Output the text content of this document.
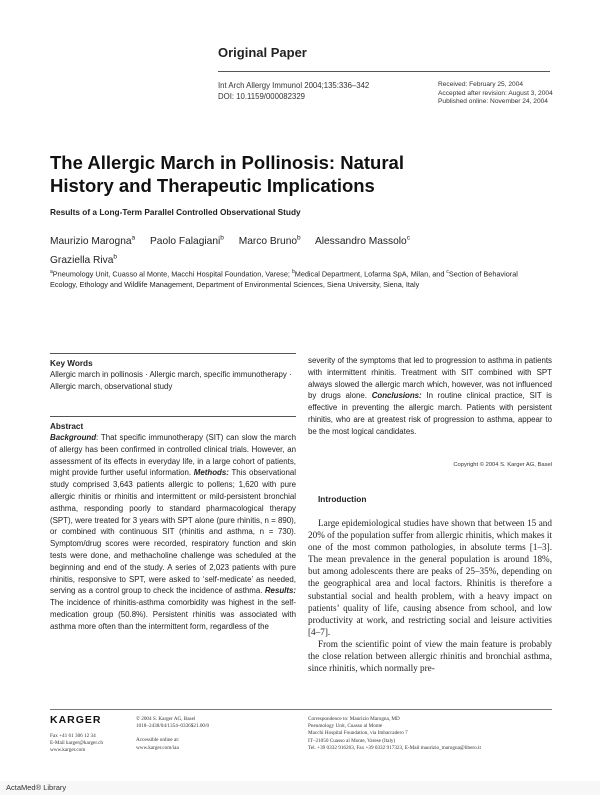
Original Paper
Int Arch Allergy Immunol 2004;135:336–342
DOI: 10.1159/000082329
Received: February 25, 2004
Accepted after revision: August 3, 2004
Published online: November 24, 2004
The Allergic March in Pollinosis: Natural
History and Therapeutic Implications
Results of a Long-Term Parallel Controlled Observational Study
Maurizio Marogna$^a$ Paolo Falagiani$^b$ Marco Bruno$^b$ Alessandro Massolo$^c$
Graziella Riva$^b$
$^a$Pneumology Unit, Cuasso al Monte, Macchi Hospital Foundation, Varese; $^b$Medical Department, Lofarma SpA, Milan, and $^c$Section of Behavioral Ecology, Ethology and Wildlife Management, Department of Environmental Sciences, Siena University, Siena, Italy
Key Words
Allergic march in pollinosis · Allergic march, specific immunotherapy · Allergic march, observational study
Abstract
Background: That specific immunotherapy (SIT) can slow the march of allergy has been confirmed in controlled clinical trials. However, an assessment of its effects in everyday life, in a large cohort of patients, might provide further useful information. Methods: This observational study comprised 3,643 patients allergic to pollens; 1,620 with pure allergic rhinitis or rhinitis and intermittent or mild-persistent bronchial asthma, responding poorly to standard pharmacological therapy (SPT), were treated for 3 years with SPT alone (pure rhinitis, n = 890), or combined with continuous SIT (rhinitis and asthma, n = 730). Symptom/drug scores were recorded, respiratory function and skin tests were done, and methacholine challenge was scheduled at the beginning and end of the study. A series of 2,023 patients with pure rhinitis, responsive to SPT, were asked to ‘self-medicate’ as needed, serving as a control group to check the incidence of asthma. Results: The incidence of rhinitis-asthma comorbidity was highest in the self-medication group (50.8%). Persistent rhinitis was associated with asthma more often than the intermittent form, regardless of the
severity of the symptoms that led to progression to asthma in patients with intermittent rhinitis. Treatment with SIT combined with SPT always slowed the allergic march which, however, was not influenced by drugs alone. Conclusions: In routine clinical practice, SIT is effective in preventing the allergic march. Patients with persistent rhinitis, who are at greatest risk of progression to asthma, appear to be the most logical candidates.
Copyright © 2004 S. Karger AG, Basel
Introduction

Large epidemiological studies have shown that between 15 and 20% of the population suffer from allergic rhinitis, which makes it one of the most common pathologies, in absolute terms [1–3]. The mean prevalence in the general population is around 18%, but among adolescents there are peaks of 25–35%, depending on the geographical area and local factors. Rhinitis is therefore a substantial social and health problem, with a heavy impact on patients’ quality of life, causing absence from school, and low productivity at work, and restricting social and leisure activities [4–7].

From the scientific point of view the main feature is probably the close relation between allergic rhinitis and bronchial asthma, since rhinitis, which normally pre-

KARGER
Fax +41 61 306 12 34
E-Mail karger@karger.ch
www.karger.com
© 2004 S. Karger AG, Basel
1018–2438/04/1354–0336$21.00/0
Accessible online at:
www.karger.com/iaa
Correspondence to: Maurizio Marogna, MD
Pneumology Unit, Cuasso al Monte
Macchi Hospital Foundation, via Imbarcadero 7
IT–21050 Cuasso al Monte, Varese (Italy)
Tel. +39 0332 916203, Fax +39 0332 917323, E-Mail maurizio_marogna@libero.it
ActaMed® Library
